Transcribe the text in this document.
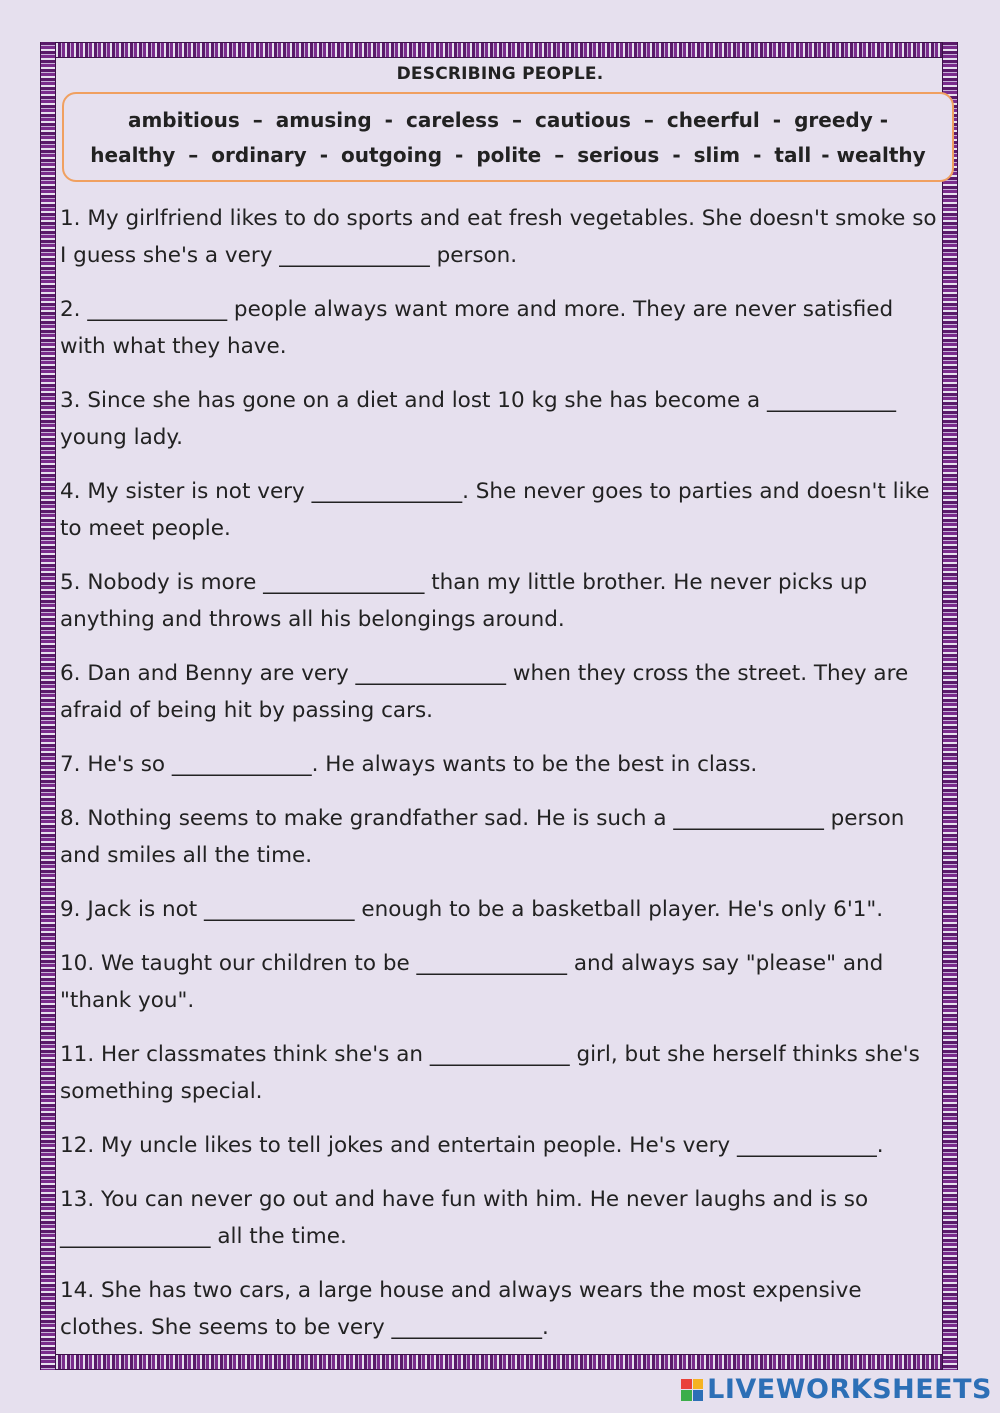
DESCRIBING PEOPLE.
ambitious – amusing - careless – cautious – cheerful - greedy -
healthy – ordinary - outgoing - polite – serious - slim - tall - wealthy
1. My girlfriend likes to do sports and eat fresh vegetables. She doesn't smoke so I guess she's a very ______________ person.
2. _____________ people always want more and more. They are never satisfied with what they have.
3. Since she has gone on a diet and lost 10 kg she has become a ____________ young lady.
4. My sister is not very ______________. She never goes to parties and doesn't like to meet people.
5. Nobody is more _______________ than my little brother. He never picks up anything and throws all his belongings around.
6. Dan and Benny are very ______________ when they cross the street. They are afraid of being hit by passing cars.
7. He's so _____________. He always wants to be the best in class.
8. Nothing seems to make grandfather sad. He is such a ______________ person and smiles all the time.
9. Jack is not ______________ enough to be a basketball player. He's only 6'1".
10. We taught our children to be ______________ and always say "please" and "thank you".
11. Her classmates think she's an _____________ girl, but she herself thinks she's something special.
12. My uncle likes to tell jokes and entertain people. He's very _____________.
13. You can never go out and have fun with him. He never laughs and is so ______________ all the time.
14. She has two cars, a large house and always wears the most expensive clothes. She seems to be very ______________.
LIVEWORKSHEETS
